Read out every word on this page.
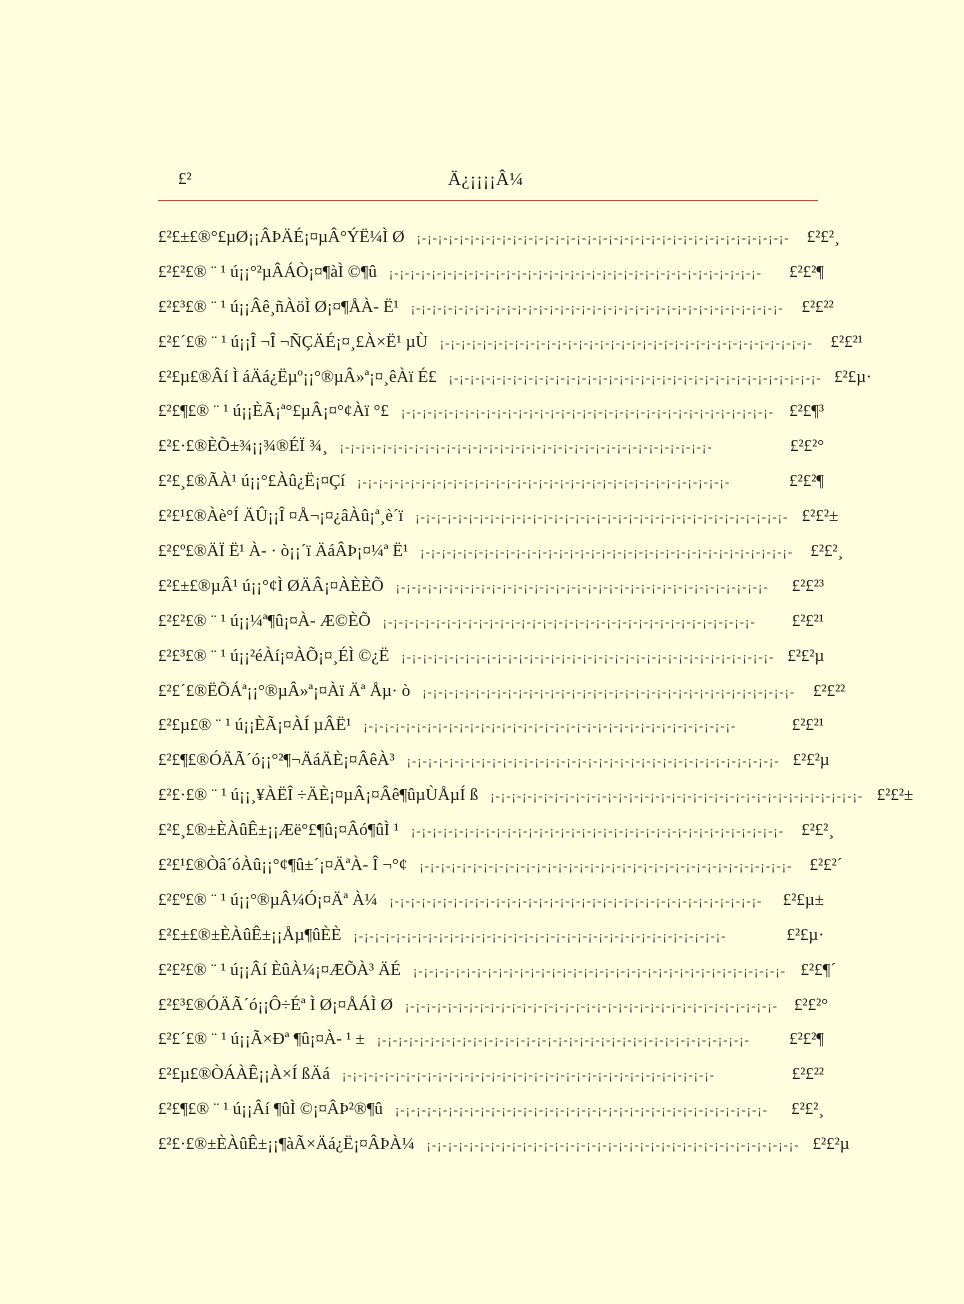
£²	Ä¿¡¡¡¡Â¼
£²£±£®°£µØ¡¡ÂÞÄÉ¡¤µÂ°ÝË¼Ì Ø ¡-¡-¡-¡-¡-¡-¡-¡-¡-¡-¡-¡-¡-¡-¡-¡-¡-¡-¡-¡-¡-¡-¡-¡-¡-¡-¡-¡-¡-¡-¡-¡-¡-¡-¡-	£²£²¸
£²£²£® ¨ ¹ ú¡¡°²µÂÁÒ¡¤¶àÌ ©¶û ¡-¡-¡-¡-¡-¡-¡-¡-¡-¡-¡-¡-¡-¡-¡-¡-¡-¡-¡-¡-¡-¡-¡-¡-¡-¡-¡-¡-¡-¡-¡-¡-¡-¡-¡-	£²£²¶
£²£³£® ¨ ¹ ú¡¡Âê¸ñÀöÌ Ø¡¤¶ÅÀ- Ë¹ ¡-¡-¡-¡-¡-¡-¡-¡-¡-¡-¡-¡-¡-¡-¡-¡-¡-¡-¡-¡-¡-¡-¡-¡-¡-¡-¡-¡-¡-¡-¡-¡-¡-¡-¡-	£²£²²
£²£´£® ¨ ¹ ú¡¡Î ¬Î ¬ÑÇÄÉ¡¤¸£À×Ë¹ µÙ ¡-¡-¡-¡-¡-¡-¡-¡-¡-¡-¡-¡-¡-¡-¡-¡-¡-¡-¡-¡-¡-¡-¡-¡-¡-¡-¡-¡-¡-¡-¡-¡-¡-¡-¡-	£²£²¹
£²£µ£®Âí Ì áÄá¿Ëµº¡¡°®µÂ»ª¡¤¸êÀï É£ ¡-¡-¡-¡-¡-¡-¡-¡-¡-¡-¡-¡-¡-¡-¡-¡-¡-¡-¡-¡-¡-¡-¡-¡-¡-¡-¡-¡-¡-¡-¡-¡-¡-¡-¡- £²£µ·
£²£¶£® ¨ ¹ ú¡¡ÈÃ¡ª°£µÂ¡¤°¢Àï °£ ¡-¡-¡-¡-¡-¡-¡-¡-¡-¡-¡-¡-¡-¡-¡-¡-¡-¡-¡-¡-¡-¡-¡-¡-¡-¡-¡-¡-¡-¡-¡-¡-¡-¡-¡- £²£¶³
£²£·£®ÈÕ±¾¡¡¾®ÉÏ ¾¸ ¡-¡-¡-¡-¡-¡-¡-¡-¡-¡-¡-¡-¡-¡-¡-¡-¡-¡-¡-¡-¡-¡-¡-¡-¡-¡-¡-¡-¡-¡-¡-¡-¡-¡-¡-	£²£²°
£²£¸£®ÃÀ¹ ú¡¡°£Àû¿Ë¡¤Çí ¡-¡-¡-¡-¡-¡-¡-¡-¡-¡-¡-¡-¡-¡-¡-¡-¡-¡-¡-¡-¡-¡-¡-¡-¡-¡-¡-¡-¡-¡-¡-¡-¡-¡-¡-	£²£²¶
£²£¹£®Àè°Í ÄÛ¡¡Î ¤Å¬¡¤¿âÀû¡ª¸è´ï ¡-¡-¡-¡-¡-¡-¡-¡-¡-¡-¡-¡-¡-¡-¡-¡-¡-¡-¡-¡-¡-¡-¡-¡-¡-¡-¡-¡-¡-¡-¡-¡-¡-¡-¡- £²£²±
£²£º£®ÄÏ Ë¹ À- · ò¡¡´ï ÄáÂÞ¡¤¼ª Ë¹ ¡-¡-¡-¡-¡-¡-¡-¡-¡-¡-¡-¡-¡-¡-¡-¡-¡-¡-¡-¡-¡-¡-¡-¡-¡-¡-¡-¡-¡-¡-¡-¡-¡-¡-¡-	£²£²¸
£²£±£®µÂ¹ ú¡¡°¢Ì ØÄÂ¡¤ÀÈÈÕ ¡-¡-¡-¡-¡-¡-¡-¡-¡-¡-¡-¡-¡-¡-¡-¡-¡-¡-¡-¡-¡-¡-¡-¡-¡-¡-¡-¡-¡-¡-¡-¡-¡-¡-¡-	£²£²³
£²£²£® ¨ ¹ ú¡¡¼ª¶û¡¤À- Æ©ÈÕ ¡-¡-¡-¡-¡-¡-¡-¡-¡-¡-¡-¡-¡-¡-¡-¡-¡-¡-¡-¡-¡-¡-¡-¡-¡-¡-¡-¡-¡-¡-¡-¡-¡-¡-¡-	£²£²¹
£²£³£® ¨ ¹ ú¡¡²éÀí¡¤ÀÕ¡¤¸ÉÌ ©¿Ë ¡-¡-¡-¡-¡-¡-¡-¡-¡-¡-¡-¡-¡-¡-¡-¡-¡-¡-¡-¡-¡-¡-¡-¡-¡-¡-¡-¡-¡-¡-¡-¡-¡-¡-¡- £²£²µ
£²£´£®ËÕÁª¡¡°®µÂ»ª¡¤Àï Äª Åµ· ò ¡-¡-¡-¡-¡-¡-¡-¡-¡-¡-¡-¡-¡-¡-¡-¡-¡-¡-¡-¡-¡-¡-¡-¡-¡-¡-¡-¡-¡-¡-¡-¡-¡-¡-¡-	£²£²²
£²£µ£® ¨ ¹ ú¡¡ÈÃ¡¤ÀÍ µÂË¹ ¡-¡-¡-¡-¡-¡-¡-¡-¡-¡-¡-¡-¡-¡-¡-¡-¡-¡-¡-¡-¡-¡-¡-¡-¡-¡-¡-¡-¡-¡-¡-¡-¡-¡-¡-	£²£²¹
£²£¶£®ÓÄÃ´ó¡¡°²¶¬ÄáÄÈ¡¤ÂêÀ³ ¡-¡-¡-¡-¡-¡-¡-¡-¡-¡-¡-¡-¡-¡-¡-¡-¡-¡-¡-¡-¡-¡-¡-¡-¡-¡-¡-¡-¡-¡-¡-¡-¡-¡-¡- £²£²µ
£²£·£® ¨ ¹ ú¡¡¸¥ÀËÎ ÷ÄÈ¡¤µÂ¡¤Âê¶ûµÙÅµÍ ß ¡-¡-¡-¡-¡-¡-¡-¡-¡-¡-¡-¡-¡-¡-¡-¡-¡-¡-¡-¡-¡-¡-¡-¡-¡-¡-¡-¡-¡-¡-¡-¡-¡-¡-¡- £²£²±
£²£¸£®±ÈÀûÊ±¡¡Æë°£¶û¡¤Âó¶ûÌ ¹ ¡-¡-¡-¡-¡-¡-¡-¡-¡-¡-¡-¡-¡-¡-¡-¡-¡-¡-¡-¡-¡-¡-¡-¡-¡-¡-¡-¡-¡-¡-¡-¡-¡-¡-¡-	£²£²¸
£²£¹£®Òâ´óÀû¡¡°¢¶û±´¡¤ÄªÀ- Î ¬°¢ ¡-¡-¡-¡-¡-¡-¡-¡-¡-¡-¡-¡-¡-¡-¡-¡-¡-¡-¡-¡-¡-¡-¡-¡-¡-¡-¡-¡-¡-¡-¡-¡-¡-¡-¡-	£²£²´
£²£º£® ¨ ¹ ú¡¡°®µÂ¼Ó¡¤Äª À¼ ¡-¡-¡-¡-¡-¡-¡-¡-¡-¡-¡-¡-¡-¡-¡-¡-¡-¡-¡-¡-¡-¡-¡-¡-¡-¡-¡-¡-¡-¡-¡-¡-¡-¡-¡-	£²£µ±
£²£±£®±ÈÀûÊ±¡¡Åµ¶ûÈÈ ¡-¡-¡-¡-¡-¡-¡-¡-¡-¡-¡-¡-¡-¡-¡-¡-¡-¡-¡-¡-¡-¡-¡-¡-¡-¡-¡-¡-¡-¡-¡-¡-¡-¡-¡-	£²£µ·
£²£²£® ¨ ¹ ú¡¡Âí ÈûÀ¼¡¤ÆÕÀ³ ÄÉ ¡-¡-¡-¡-¡-¡-¡-¡-¡-¡-¡-¡-¡-¡-¡-¡-¡-¡-¡-¡-¡-¡-¡-¡-¡-¡-¡-¡-¡-¡-¡-¡-¡-¡-¡- £²£¶´
£²£³£®ÓÄÃ´ó¡¡Ô÷Éª Ì Ø¡¤ÅÁÌ Ø ¡-¡-¡-¡-¡-¡-¡-¡-¡-¡-¡-¡-¡-¡-¡-¡-¡-¡-¡-¡-¡-¡-¡-¡-¡-¡-¡-¡-¡-¡-¡-¡-¡-¡-¡- £²£²°
£²£´£® ¨ ¹ ú¡¡Ã×Ðª ¶û¡¤À- ¹ ± ¡-¡-¡-¡-¡-¡-¡-¡-¡-¡-¡-¡-¡-¡-¡-¡-¡-¡-¡-¡-¡-¡-¡-¡-¡-¡-¡-¡-¡-¡-¡-¡-¡-¡-¡-	£²£²¶
£²£µ£®ÒÁÀÊ¡¡À×Í ßÄá ¡-¡-¡-¡-¡-¡-¡-¡-¡-¡-¡-¡-¡-¡-¡-¡-¡-¡-¡-¡-¡-¡-¡-¡-¡-¡-¡-¡-¡-¡-¡-¡-¡-¡-¡-	£²£²²
£²£¶£® ¨ ¹ ú¡¡Âí ¶ûÌ ©¡¤ÂÞ²®¶û ¡-¡-¡-¡-¡-¡-¡-¡-¡-¡-¡-¡-¡-¡-¡-¡-¡-¡-¡-¡-¡-¡-¡-¡-¡-¡-¡-¡-¡-¡-¡-¡-¡-¡-¡-	£²£²¸
£²£·£®±ÈÀûÊ±¡¡¶àÃ×Äá¿Ë¡¤ÂÞÀ¼ ¡-¡-¡-¡-¡-¡-¡-¡-¡-¡-¡-¡-¡-¡-¡-¡-¡-¡-¡-¡-¡-¡-¡-¡-¡-¡-¡-¡-¡-¡-¡-¡-¡-¡-¡- £²£²µ
